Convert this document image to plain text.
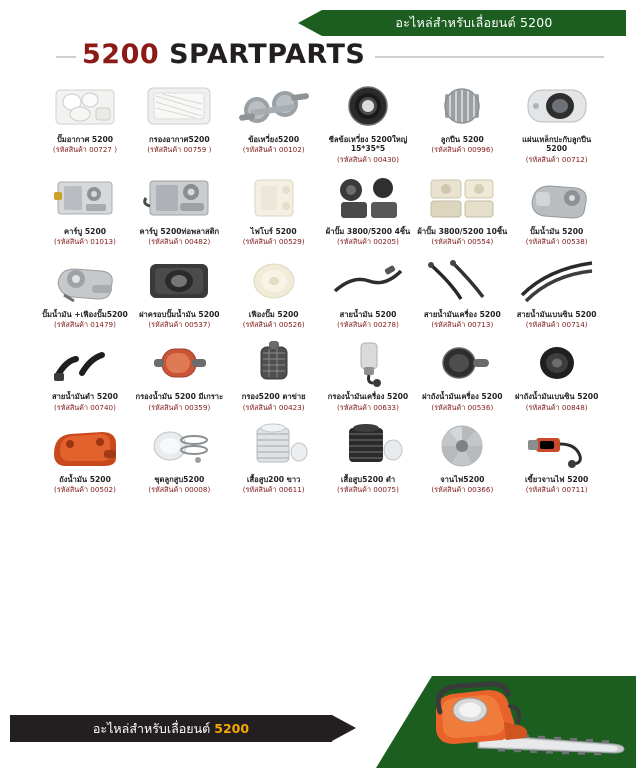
อะไหล่สำหรับเลื่อยนต์ 5200
5200 SPARTPARTS
ปั๊มอากาศ 5200
(รหัสสินค้า 00727 )
กรองอากาศ5200
(รหัสสินค้า 00759 )
ข้อเหวี่ยง5200
(รหัสสินค้า 00102)
ซีลข้อเหวี่ยง 5200ใหญ่ 15*35*5
(รหัสสินค้า 00430)
ลูกปืน 5200
(รหัสสินค้า 00996)
แผ่นเหล็กปะกับลูกปืน 5200
(รหัสสินค้า 00712)
คาร์บู 5200
(รหัสสินค้า 01013)
คาร์บู 5200ท่อพลาสติก
(รหัสสินค้า 00482)
ไฟโบร์ 5200
(รหัสสินค้า 00529)
ผ้าปั๊ม 3800/5200 4ชิ้น
(รหัสสินค้า 00205)
ผ้าปั๊ม 3800/5200 10ชิ้น
(รหัสสินค้า 00554)
ปั๊มน้ำมัน 5200
(รหัสสินค้า 00538)
ปั๊มน้ำมัน +เฟืองปั๊ม5200
(รหัสสินค้า 01479)
ฝาครอบปั๊มน้ำมัน 5200
(รหัสสินค้า 00537)
เฟืองปั๊ม 5200
(รหัสสินค้า 00526)
สายน้ำมัน 5200
(รหัสสินค้า 00278)
สายน้ำมันเครื่อง 5200
(รหัสสินค้า 00713)
สายน้ำมันเบนซิน 5200
(รหัสสินค้า 00714)
สายน้ำมันดำ 5200
(รหัสสินค้า 00740)
กรองน้ำมัน 5200 มีเกราะ
(รหัสสินค้า 00359)
กรอง5200 ตาข่าย
(รหัสสินค้า 00423)
กรองน้ำมันเครื่อง 5200
(รหัสสินค้า 00633)
ฝาถังน้ำมันเครื่อง 5200
(รหัสสินค้า 00536)
ฝาถังน้ำมันเบนซิน 5200
(รหัสสินค้า 00848)
ถังน้ำมัน 5200
(รหัสสินค้า 00502)
ชุดลูกสูบ5200
(รหัสสินค้า 00008)
เสื้อสูบ200 ขาว
(รหัสสินค้า 00611)
เสื้อสูบ5200 ดำ
(รหัสสินค้า 00075)
จานไฟ5200
(รหัสสินค้า 00366)
เขี้ยวจานไฟ 5200
(รหัสสินค้า 00711)
อะไหล่สำหรับเลื่อยนต์ 5200
